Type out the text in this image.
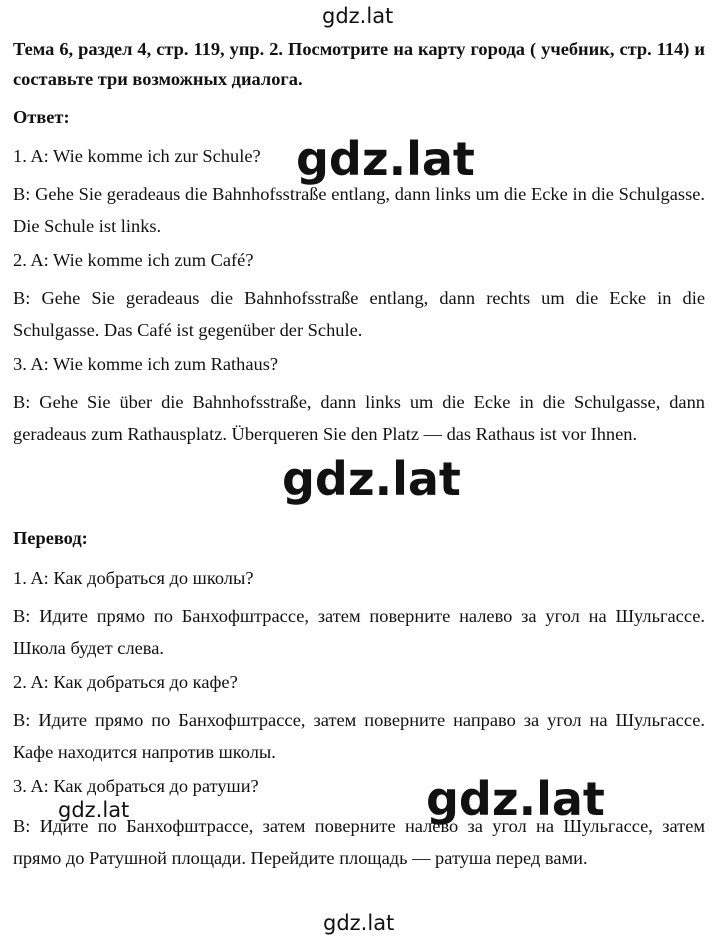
gdz.lat

Тема 6, раздел 4, стр. 119, упр. 2. Посмотрите на карту города ( учебник, стр. 114) и составьте три возможных диалога.

Ответ:

1. A: Wie komme ich zur Schule?

B: Gehe Sie geradeaus die Bahnhofsstraße entlang, dann links um die Ecke in die Schulgasse. Die Schule ist links.

2. A: Wie komme ich zum Café?

B: Gehe Sie geradeaus die Bahnhofsstraße entlang, dann rechts um die Ecke in die Schulgasse. Das Café ist gegenüber der Schule.

3. A: Wie komme ich zum Rathaus?

B: Gehe Sie über die Bahnhofsstraße, dann links um die Ecke in die Schulgasse, dann geradeaus zum Rathausplatz. Überqueren Sie den Platz — das Rathaus ist vor Ihnen.

Перевод:

1. A: Как добраться до школы?

B: Идите прямо по Банхофштрассе, затем поверните налево за угол на Шульгассе. Школа будет слева.

2. A: Как добраться до кафе?

B: Идите прямо по Банхофштрассе, затем поверните направо за угол на Шульгассе. Кафе находится напротив школы.

3. A: Как добраться до ратуши?

B: Идите по Банхофштрассе, затем поверните налево за угол на Шульгассе, затем прямо до Ратушной площади. Перейдите площадь — ратуша перед вами.

gdz.lat
gdz.lat
gdz.lat
gdz.lat
gdz.lat
